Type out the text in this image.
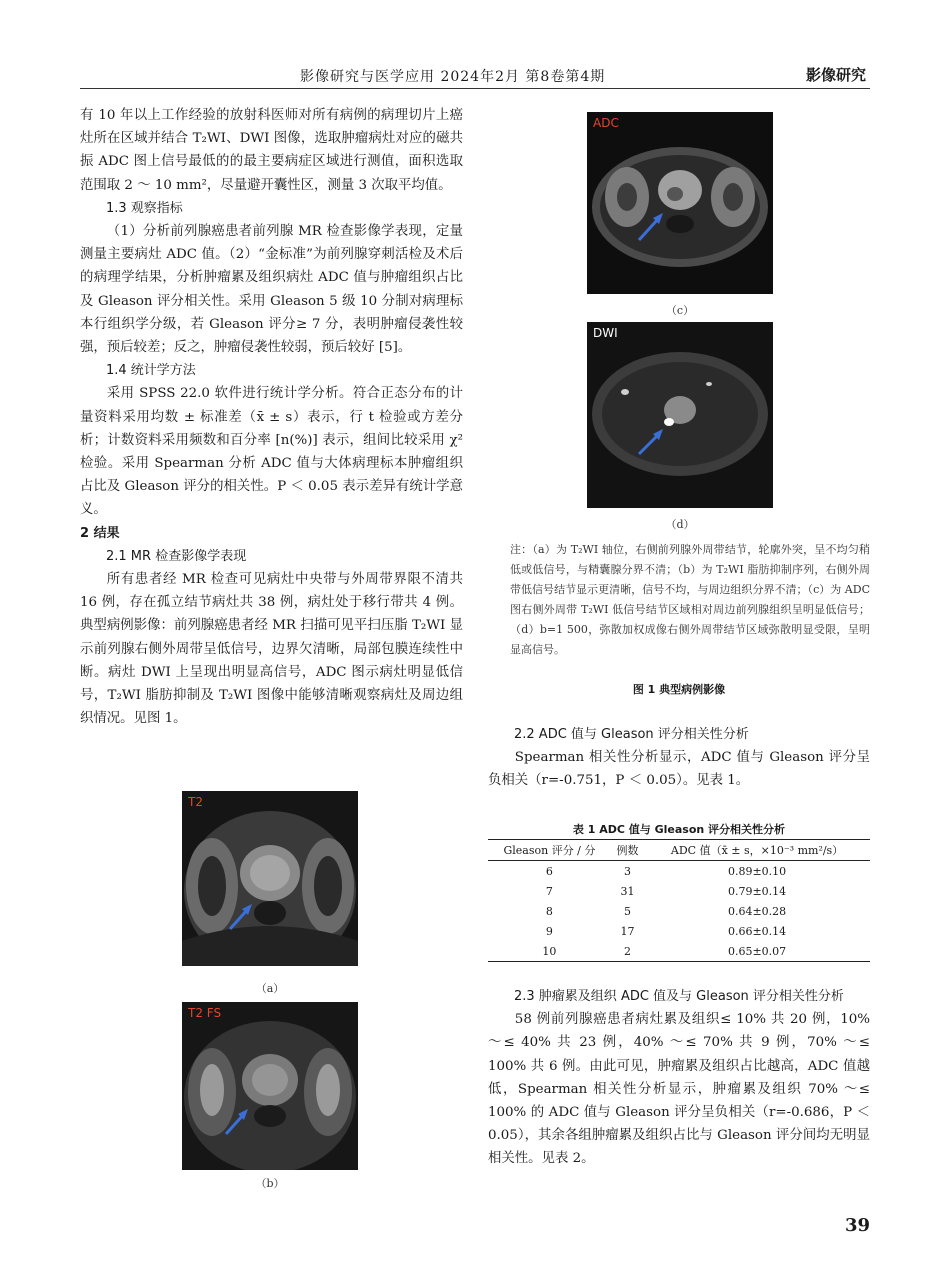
影像研究与医学应用 2024年2月 第8卷第4期	影像研究

有 10 年以上工作经验的放射科医师对所有病例的病理切片上癌灶所在区域并结合 T₂WI、DWI 图像，选取肿瘤病灶对应的磁共振 ADC 图上信号最低的的最主要病症区域进行测值，面积选取范围取 2 ～ 10 mm²，尽量避开囊性区，测量 3 次取平均值。

1.3 观察指标

（1）分析前列腺癌患者前列腺 MR 检查影像学表现，定量测量主要病灶 ADC 值。（2）“金标准”为前列腺穿刺活检及术后的病理学结果，分析肿瘤累及组织病灶 ADC 值与肿瘤组织占比及 Gleason 评分相关性。采用 Gleason 5 级 10 分制对病理标本行组织学分级，若 Gleason 评分≥ 7 分，表明肿瘤侵袭性较强，预后较差；反之，肿瘤侵袭性较弱，预后较好 [5]。

1.4 统计学方法

采用 SPSS 22.0 软件进行统计学分析。符合正态分布的计量资料采用均数 ± 标准差（x̄ ± s）表示，行 t 检验或方差分析；计数资料采用频数和百分率 [n(%)] 表示，组间比较采用 χ² 检验。采用 Spearman 分析 ADC 值与大体病理标本肿瘤组织占比及 Gleason 评分的相关性。P ＜ 0.05 表示差异有统计学意义。

2 结果

2.1 MR 检查影像学表现

所有患者经 MR 检查可见病灶中央带与外周带界限不清共 16 例，存在孤立结节病灶共 38 例，病灶处于移行带共 4 例。典型病例影像：前列腺癌患者经 MR 扫描可见平扫压脂 T₂WI 显示前列腺右侧外周带呈低信号，边界欠清晰，局部包膜连续性中断。病灶 DWI 上呈现出明显高信号，ADC 图示病灶明显低信号，T₂WI 脂肪抑制及 T₂WI 图像中能够清晰观察病灶及周边组织情况。见图 1。

T2
（a）
T2 FS
（b）
ADC
（c）
DWI
（d）
注：（a）为 T₂WI 轴位，右侧前列腺外周带结节，轮廓外突，呈不均匀稍低或低信号，与精囊腺分界不清；（b）为 T₂WI 脂肪抑制序列，右侧外周带低信号结节显示更清晰，信号不均，与周边组织分界不清；（c）为 ADC 图右侧外周带 T₂WI 低信号结节区域相对周边前列腺组织呈明显低信号；（d）b=1 500，弥散加权成像右侧外周带结节区域弥散明显受限，呈明显高信号。
图 1 典型病例影像

2.2 ADC 值与 Gleason 评分相关性分析

Spearman 相关性分析显示，ADC 值与 Gleason 评分呈负相关（r=-0.751，P ＜ 0.05）。见表 1。

表 1 ADC 值与 Gleason 评分相关性分析
Gleason 评分 / 分	例数	ADC 值（x̄ ± s，×10⁻³ mm²/s）
6	3	0.89±0.10
7	31	0.79±0.14
8	5	0.64±0.28
9	17	0.66±0.14
10	2	0.65±0.07

2.3 肿瘤累及组织 ADC 值及与 Gleason 评分相关性分析

58 例前列腺癌患者病灶累及组织≤ 10% 共 20 例，10% ～≤ 40% 共 23 例，40% ～≤ 70% 共 9 例，70% ～≤ 100% 共 6 例。由此可见，肿瘤累及组织占比越高，ADC 值越低，Spearman 相关性分析显示，肿瘤累及组织 70% ～≤ 100% 的 ADC 值与 Gleason 评分呈负相关（r=-0.686，P ＜ 0.05），其余各组肿瘤累及组织占比与 Gleason 评分间均无明显相关性。见表 2。

39
